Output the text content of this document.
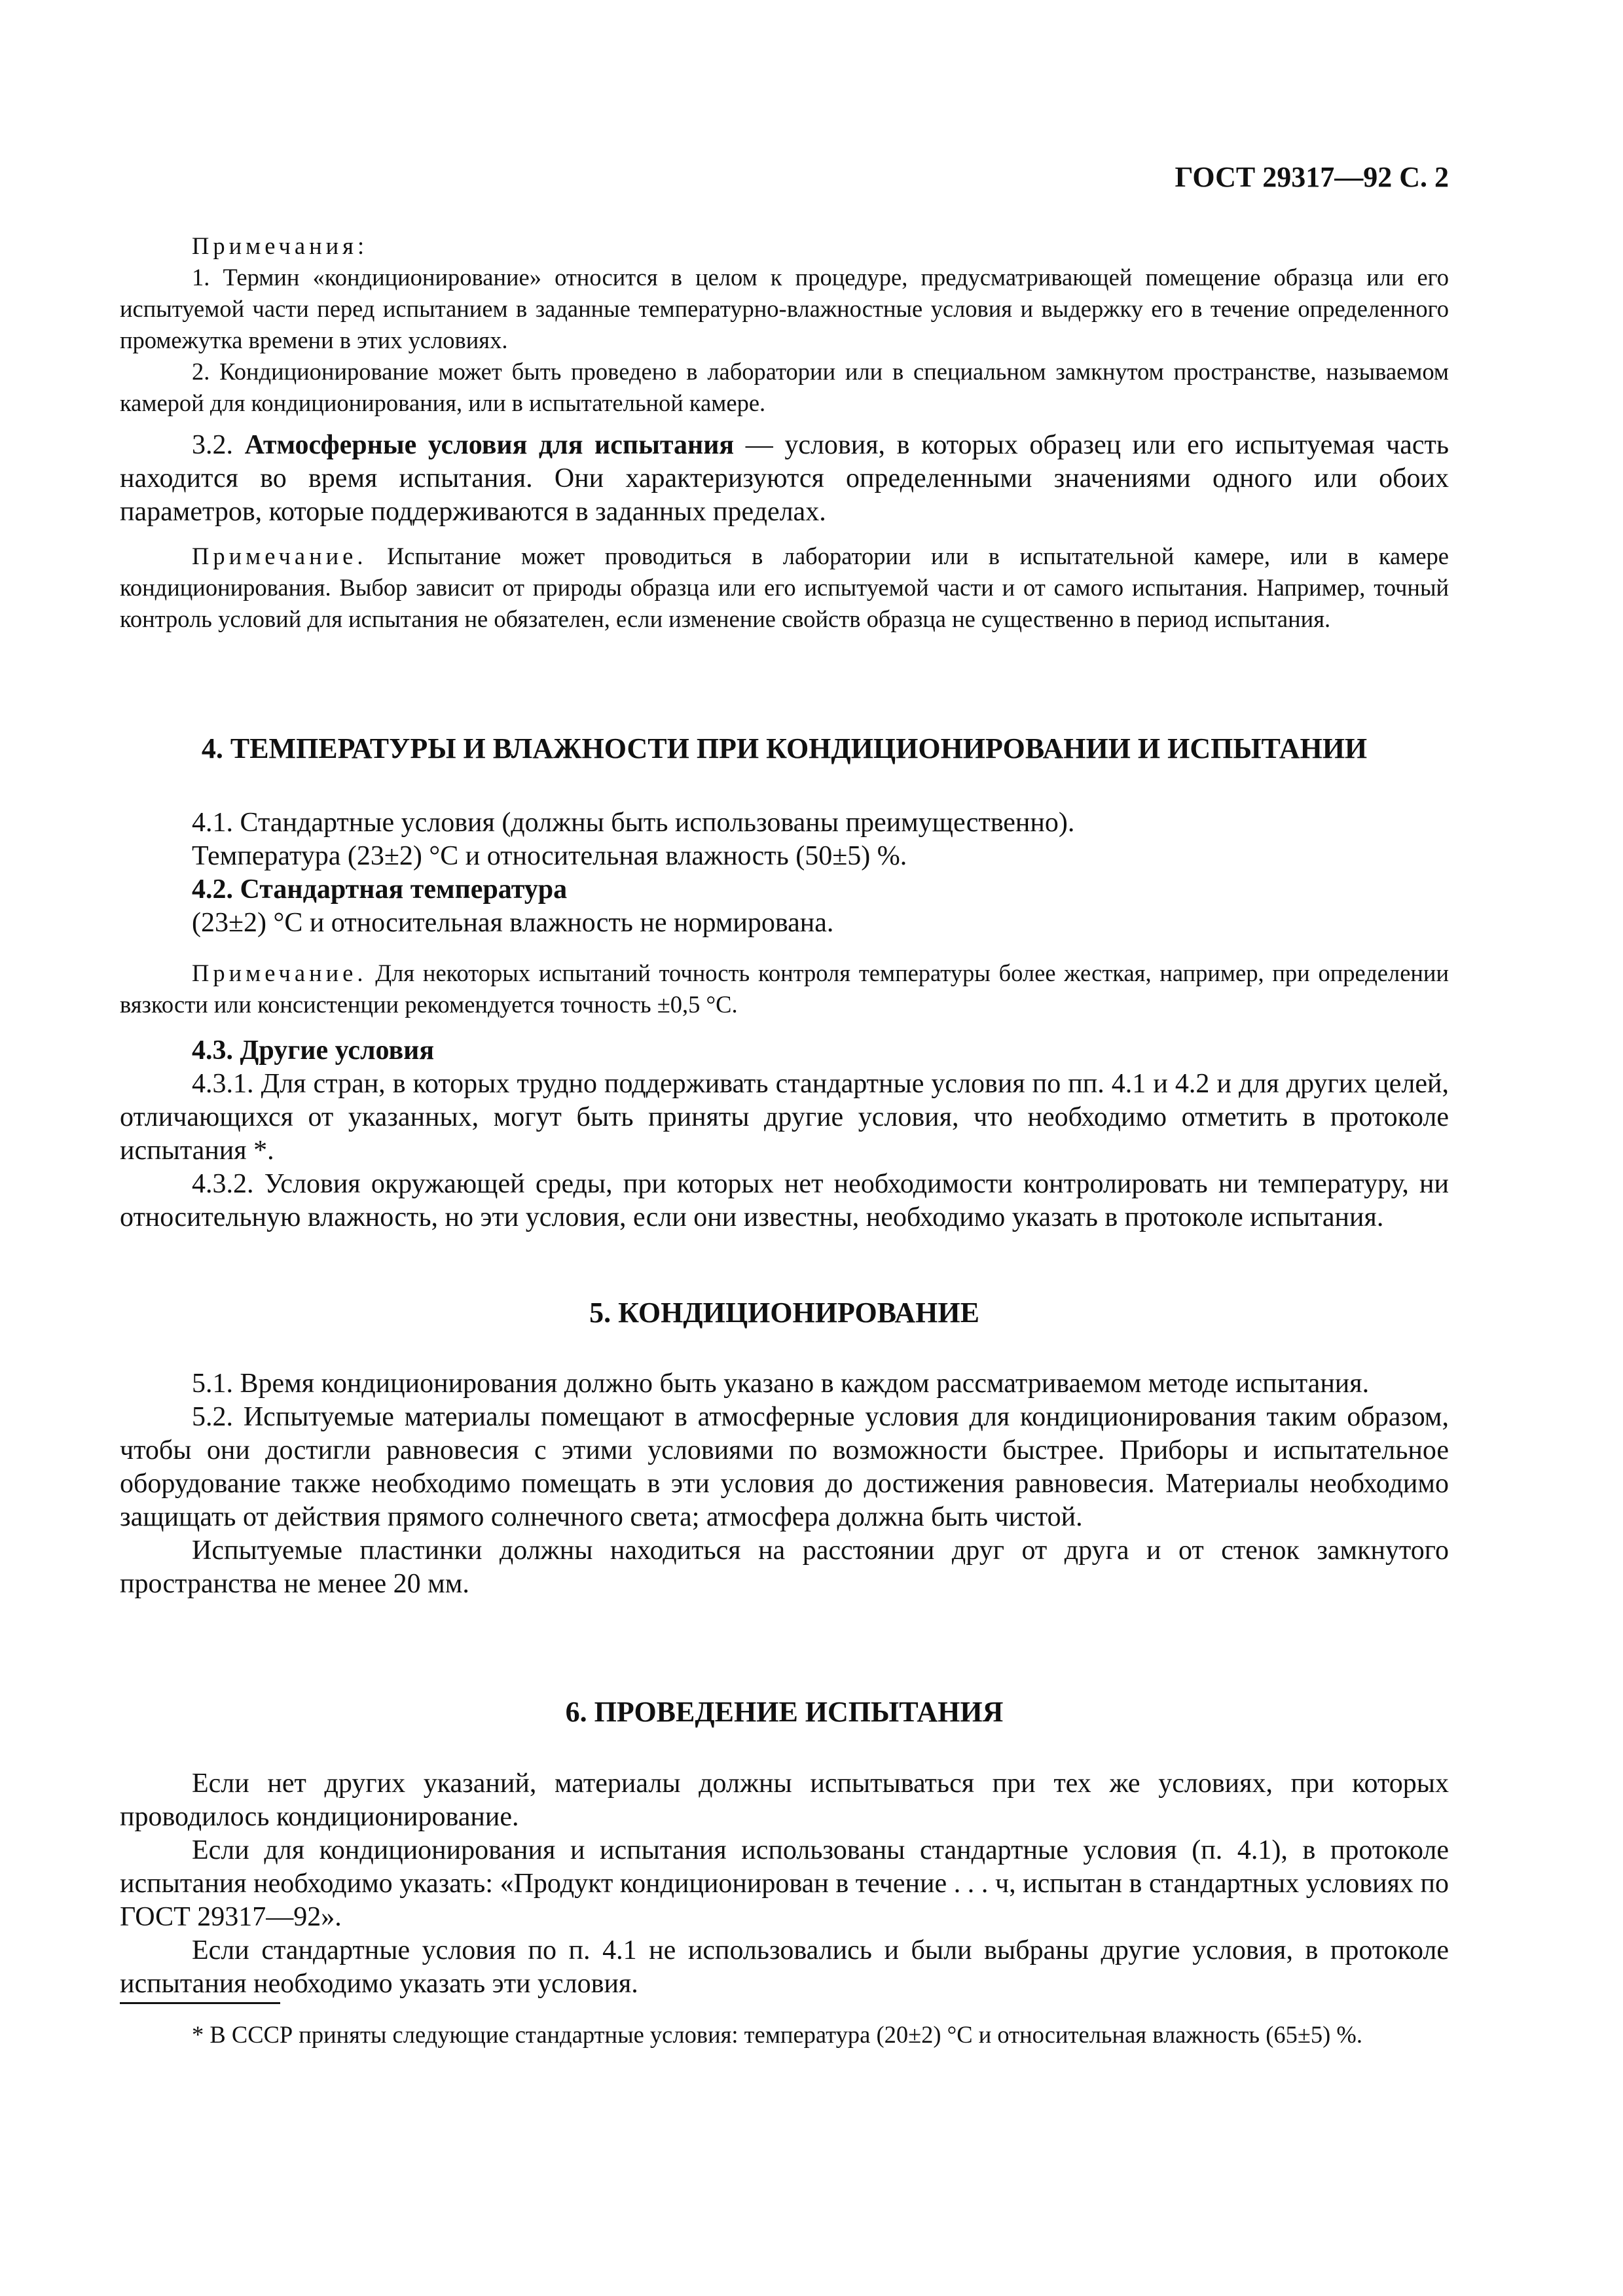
ГОСТ 29317—92 С. 2

Примечания:

1. Термин «кондиционирование» относится в целом к процедуре, предусматривающей помещение образца или его испытуемой части перед испытанием в заданные температурно-влажностные условия и выдержку его в течение определенного промежутка времени в этих условиях.

2. Кондиционирование может быть проведено в лаборатории или в специальном замкнутом пространстве, называемом камерой для кондиционирования, или в испытательной камере.

3.2. Атмосферные условия для испытания — условия, в которых образец или его испытуемая часть находится во время испытания. Они характеризуются определенными значениями одного или обоих параметров, которые поддерживаются в заданных пределах.

Примечание. Испытание может проводиться в лаборатории или в испытательной камере, или в камере кондиционирования. Выбор зависит от природы образца или его испытуемой части и от самого испытания. Например, точный контроль условий для испытания не обязателен, если изменение свойств образца не существенно в период испытания.

4. ТЕМПЕРАТУРЫ И ВЛАЖНОСТИ ПРИ КОНДИЦИОНИРОВАНИИ И ИСПЫТАНИИ

4.1. Стандартные условия (должны быть использованы преимущественно).

Температура (23±2) °С и относительная влажность (50±5) %.

4.2. Стандартная температура

(23±2) °С и относительная влажность не нормирована.

Примечание. Для некоторых испытаний точность контроля температуры более жесткая, например, при определении вязкости или консистенции рекомендуется точность ±0,5 °С.

4.3. Другие условия

4.3.1. Для стран, в которых трудно поддерживать стандартные условия по пп. 4.1 и 4.2 и для других целей, отличающихся от указанных, могут быть приняты другие условия, что необходимо отметить в протоколе испытания *.

4.3.2. Условия окружающей среды, при которых нет необходимости контролировать ни температуру, ни относительную влажность, но эти условия, если они известны, необходимо указать в протоколе испытания.

5. КОНДИЦИОНИРОВАНИЕ

5.1. Время кондиционирования должно быть указано в каждом рассматриваемом методе испытания.

5.2. Испытуемые материалы помещают в атмосферные условия для кондиционирования таким образом, чтобы они достигли равновесия с этими условиями по возможности быстрее. Приборы и испытательное оборудование также необходимо помещать в эти условия до достижения равновесия. Материалы необходимо защищать от действия прямого солнечного света; атмосфера должна быть чистой.

Испытуемые пластинки должны находиться на расстоянии друг от друга и от стенок замкнутого пространства не менее 20 мм.

6. ПРОВЕДЕНИЕ ИСПЫТАНИЯ

Если нет других указаний, материалы должны испытываться при тех же условиях, при которых проводилось кондиционирование.

Если для кондиционирования и испытания использованы стандартные условия (п. 4.1), в протоколе испытания необходимо указать: «Продукт кондиционирован в течение . . . ч, испытан в стандартных условиях по ГОСТ 29317—92».

Если стандартные условия по п. 4.1 не использовались и были выбраны другие условия, в протоколе испытания необходимо указать эти условия.

* В СССР приняты следующие стандартные условия: температура (20±2) °С и относительная влажность (65±5) %.
